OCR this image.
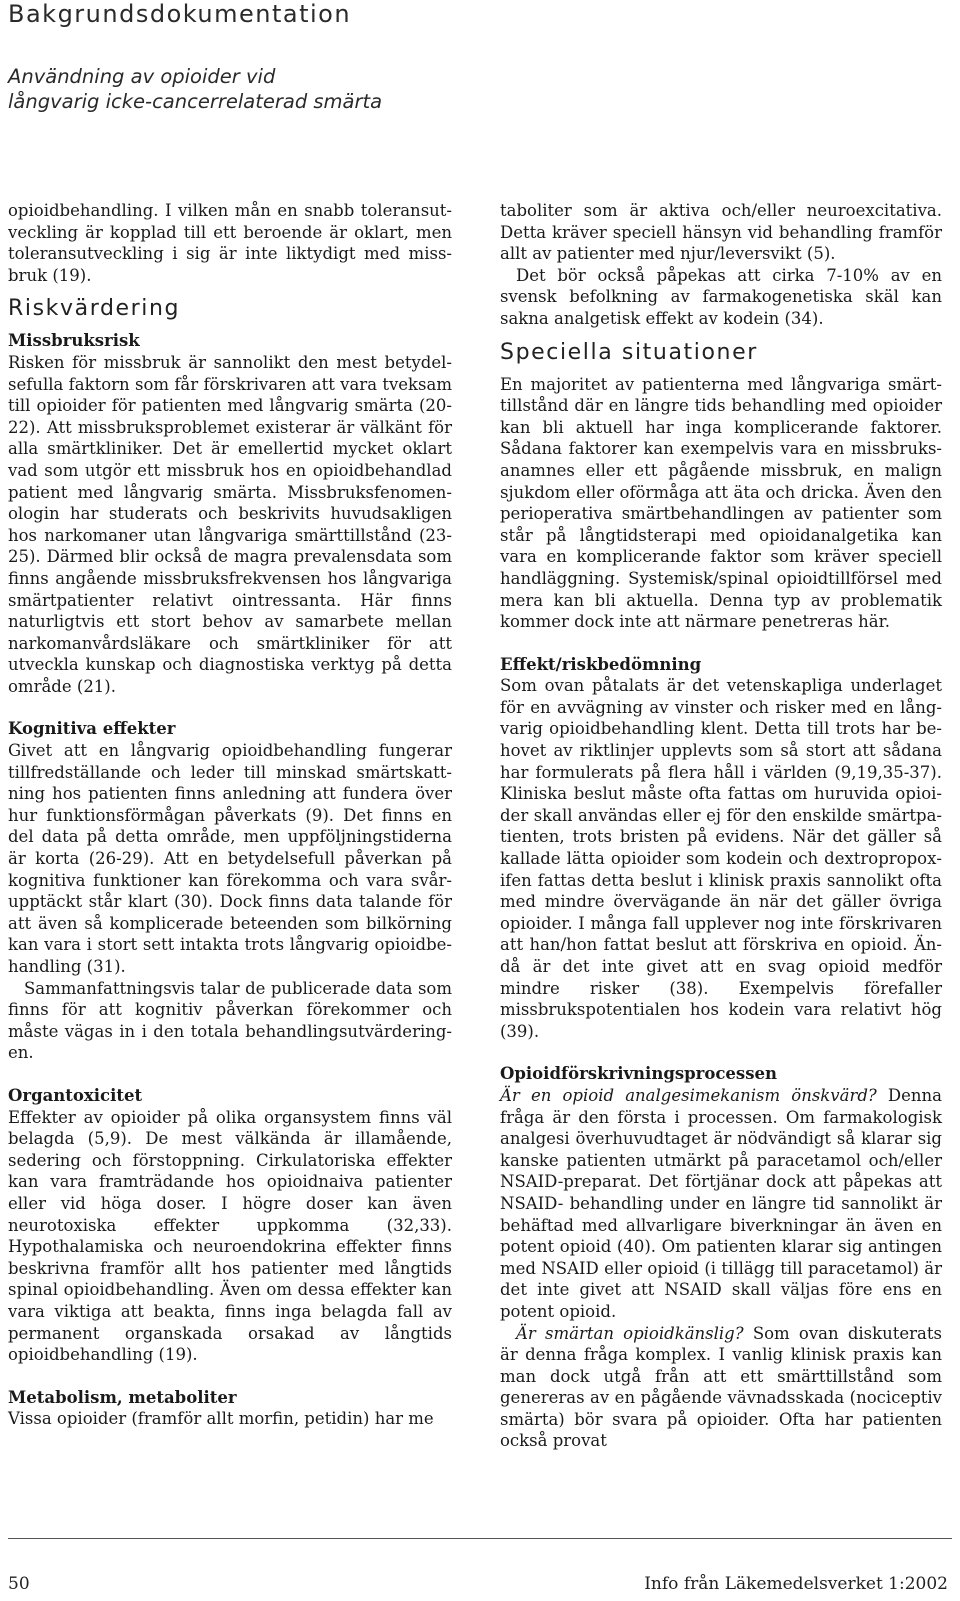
Bakgrundsdokumentation
Användning av opioider vid
långvarig icke-cancerrelaterad smärta

opioidbehandling. I vilken mån en snabb toleransutveckling är kopplad till ett beroende är oklart, men toleransutveckling i sig är inte liktydigt med missbruk (19).

Riskvärdering
Missbruksrisk

Risken för missbruk är sannolikt den mest betydelsefulla faktorn som får förskrivaren att vara tveksam till opioider för patienten med långvarig smärta (20-22). Att missbruksproblemet existerar är välkänt för alla smärtkliniker. Det är emellertid mycket oklart vad som utgör ett missbruk hos en opioidbehandlad patient med långvarig smärta. Missbruksfenomenologin har studerats och beskrivits huvudsakligen hos narkomaner utan långvariga smärttillstånd (23-25). Därmed blir också de magra prevalensdata som finns angående missbruksfrekvensen hos långvariga smärtpatienter relativt ointressanta. Här finns naturligtvis ett stort behov av samarbete mellan narkomanvårdsläkare och smärtkliniker för att utveckla kunskap och diagnostiska verktyg på detta område (21).

Kognitiva effekter

Givet att en långvarig opioidbehandling fungerar tillfredställande och leder till minskad smärtskattning hos patienten finns anledning att fundera över hur funktionsförmågan påverkats (9). Det finns en del data på detta område, men uppföljningstiderna är korta (26-29). Att en betydelsefull påverkan på kognitiva funktioner kan förekomma och vara svårupptäckt står klart (30). Dock finns data talande för att även så komplicerade beteenden som bilkörning kan vara i stort sett intakta trots långvarig opioidbehandling (31).

Sammanfattningsvis talar de publicerade data som finns för att kognitiv påverkan förekommer och måste vägas in i den totala behandlingsutvärderingen.

Organtoxicitet

Effekter av opioider på olika organsystem finns väl belagda (5,9). De mest välkända är illamående, sedering och förstoppning. Cirkulatoriska effekter kan vara framträdande hos opioidnaiva patienter eller vid höga doser. I högre doser kan även neurotoxiska effekter uppkomma (32,33). Hypothalamiska och neuroendokrina effekter finns beskrivna framför allt hos patienter med långtids spinal opioidbehandling. Även om dessa effekter kan vara viktiga att beakta, finns inga belagda fall av permanent organskada orsakad av långtids opioidbehandling (19).

Metabolism, metaboliter

Vissa opioider (framför allt morfin, petidin) har me

taboliter som är aktiva och/eller neuroexcitativa. Detta kräver speciell hänsyn vid behandling framför allt av patienter med njur/leversvikt (5).

Det bör också påpekas att cirka 7-10% av en svensk befolkning av farmakogenetiska skäl kan sakna analgetisk effekt av kodein (34).

Speciella situationer

En majoritet av patienterna med långvariga smärttillstånd där en längre tids behandling med opioider kan bli aktuell har inga komplicerande faktorer. Sådana faktorer kan exempelvis vara en missbruksanamnes eller ett pågående missbruk, en malign sjukdom eller oförmåga att äta och dricka. Även den perioperativa smärtbehandlingen av patienter som står på långtidsterapi med opioidanalgetika kan vara en komplicerande faktor som kräver speciell handläggning. Systemisk/spinal opioidtillförsel med mera kan bli aktuella. Denna typ av problematik kommer dock inte att närmare penetreras här.

Effekt/riskbedömning

Som ovan påtalats är det vetenskapliga underlaget för en avvägning av vinster och risker med en långvarig opioidbehandling klent. Detta till trots har behovet av riktlinjer upplevts som så stort att sådana har formulerats på flera håll i världen (9,19,35-37). Kliniska beslut måste ofta fattas om huruvida opioider skall användas eller ej för den enskilde smärtpatienten, trots bristen på evidens. När det gäller så kallade lätta opioider som kodein och dextropropoxifen fattas detta beslut i klinisk praxis sannolikt ofta med mindre övervägande än när det gäller övriga opioider. I många fall upplever nog inte förskrivaren att han/hon fattat beslut att förskriva en opioid. Ändå är det inte givet att en svag opioid medför mindre risker (38). Exempelvis förefaller missbrukspotentialen hos kodein vara relativt hög (39).

Opioidförskrivningsprocessen

Är en opioid analgesimekanism önskvärd? Denna fråga är den första i processen. Om farmakologisk analgesi överhuvudtaget är nödvändigt så klarar sig kanske patienten utmärkt på paracetamol och/eller NSAID-preparat. Det förtjänar dock att påpekas att NSAID- behandling under en längre tid sannolikt är behäftad med allvarligare biverkningar än även en potent opioid (40). Om patienten klarar sig antingen med NSAID eller opioid (i tillägg till paracetamol) är det inte givet att NSAID skall väljas före ens en potent opioid.

Är smärtan opioidkänslig? Som ovan diskuterats är denna fråga komplex. I vanlig klinisk praxis kan man dock utgå från att ett smärttillstånd som genereras av en pågående vävnadsskada (nociceptiv smärta) bör svara på opioider. Ofta har patienten också provat

50	Info från Läkemedelsverket 1:2002
